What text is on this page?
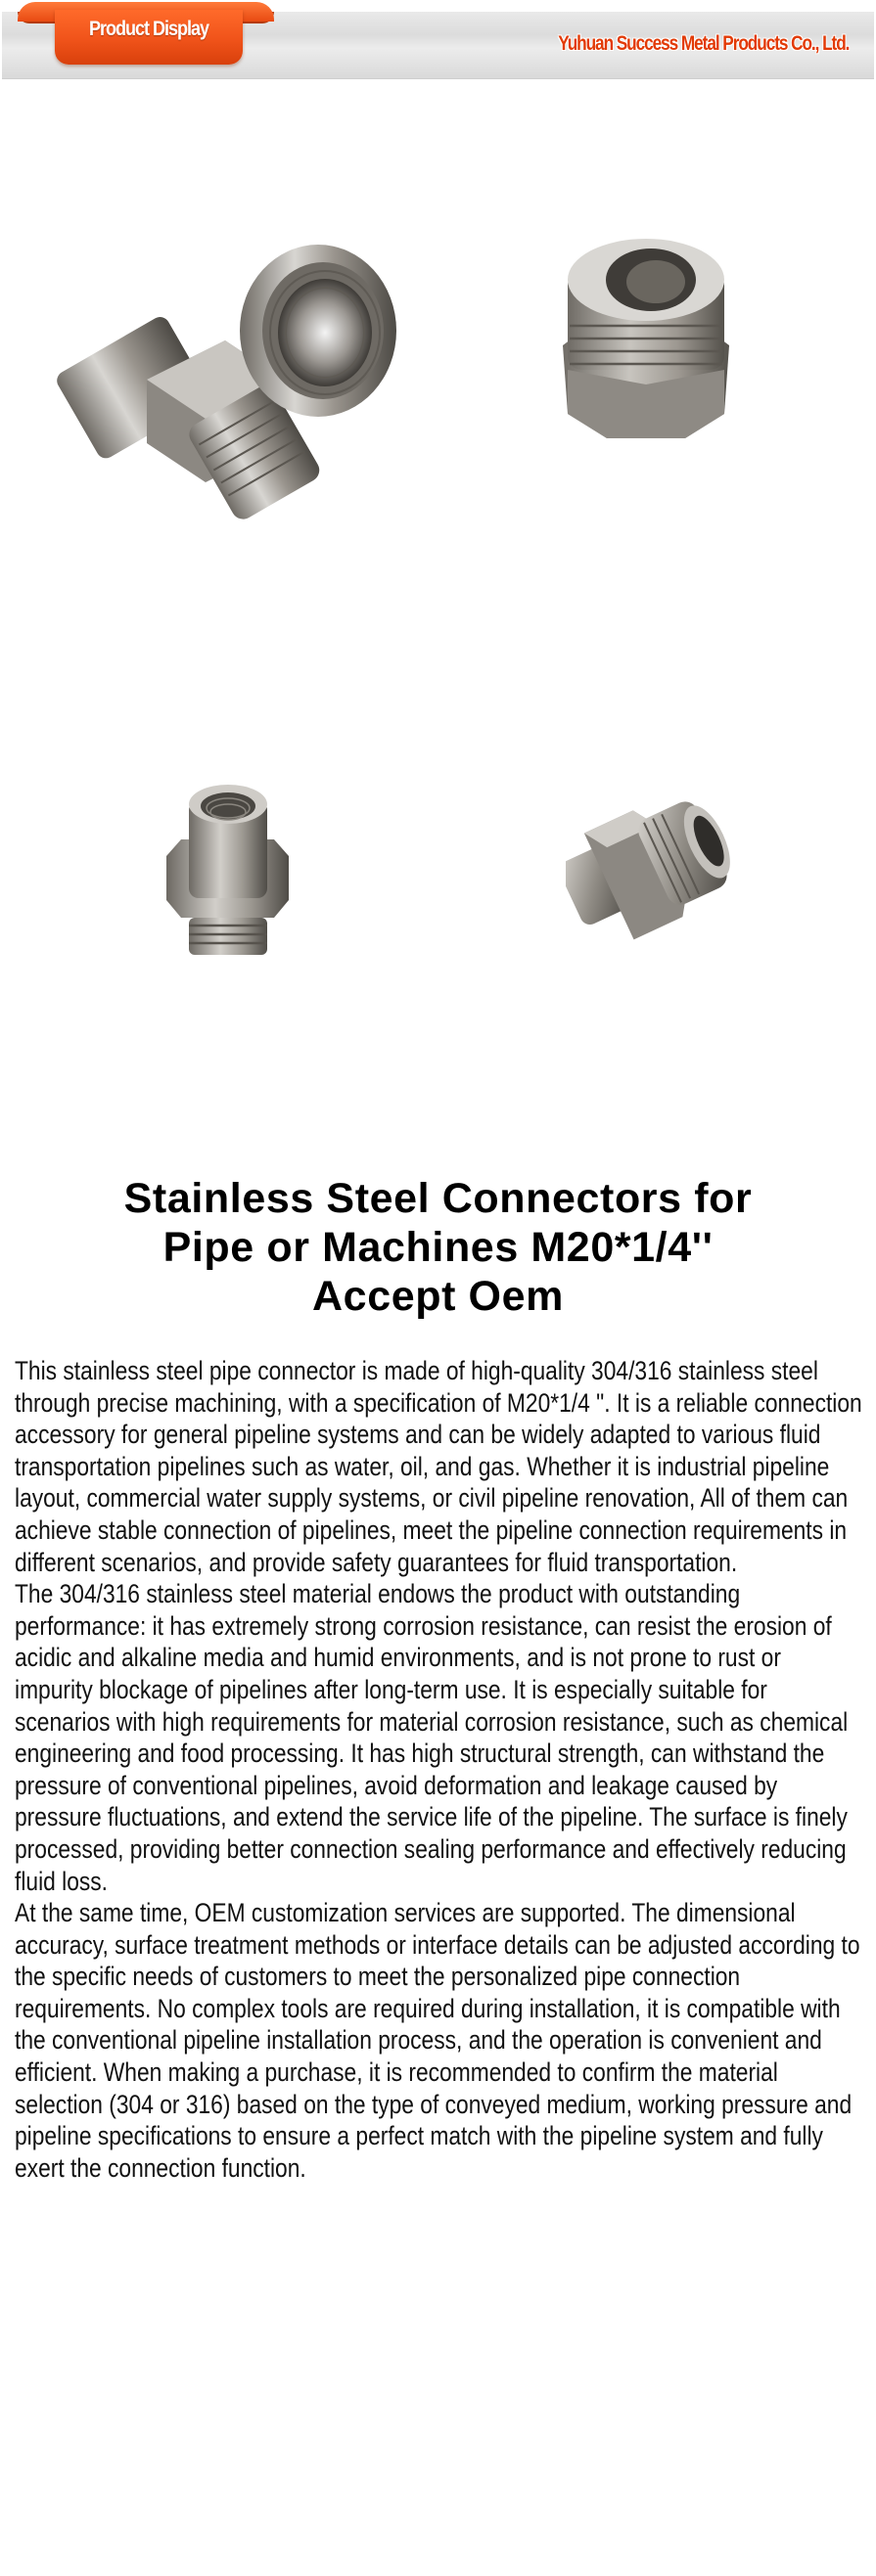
Product Display
Yuhuan Success Metal Products Co., Ltd.
Stainless Steel Connectors for
Pipe or Machines M20*1/4''
Accept Oem

This stainless steel pipe connector is made of high-quality 304/316 stainless steel through precise machining, with a specification of M20*1/4 ". It is a reliable connection accessory for general pipeline systems and can be widely adapted to various fluid transportation pipelines such as water, oil, and gas. Whether it is industrial pipeline layout, commercial water supply systems, or civil pipeline renovation, All of them can achieve stable connection of pipelines, meet the pipeline connection requirements in different scenarios, and provide safety guarantees for fluid transportation.

The 304/316 stainless steel material endows the product with outstanding performance: it has extremely strong corrosion resistance, can resist the erosion of acidic and alkaline media and humid environments, and is not prone to rust or impurity blockage of pipelines after long-term use. It is especially suitable for scenarios with high requirements for material corrosion resistance, such as chemical engineering and food processing. It has high structural strength, can withstand the pressure of conventional pipelines, avoid deformation and leakage caused by pressure fluctuations, and extend the service life of the pipeline. The surface is finely processed, providing better connection sealing performance and effectively reducing fluid loss.

At the same time, OEM customization services are supported. The dimensional accuracy, surface treatment methods or interface details can be adjusted according to the specific needs of customers to meet the personalized pipe connection requirements. No complex tools are required during installation, it is compatible with the conventional pipeline installation process, and the operation is convenient and efficient. When making a purchase, it is recommended to confirm the material selection (304 or 316) based on the type of conveyed medium, working pressure and pipeline specifications to ensure a perfect match with the pipeline system and fully exert the connection function.
